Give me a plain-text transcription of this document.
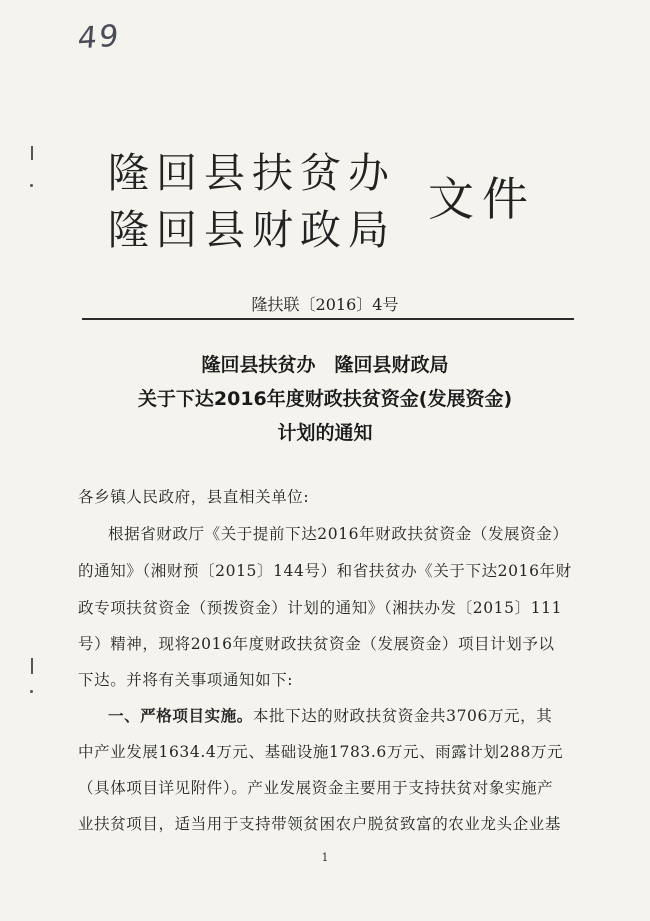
49
隆回县扶贫办
隆回县财政局
文件
隆扶联〔2016〕4号
隆回县扶贫办　隆回县财政局
关于下达2016年度财政扶贫资金(发展资金)
计划的通知
各乡镇人民政府，县直相关单位:
根据省财政厅《关于提前下达2016年财政扶贫资金（发展资金）
的通知》（湘财预〔2015〕144号）和省扶贫办《关于下达2016年财
政专项扶贫资金（预拨资金）计划的通知》（湘扶办发〔2015〕111
号）精神，现将2016年度财政扶贫资金（发展资金）项目计划予以
下达。并将有关事项通知如下:
一、严格项目实施。本批下达的财政扶贫资金共3706万元，其
中产业发展1634.4万元、基础设施1783.6万元、雨露计划288万元
（具体项目详见附件）。产业发展资金主要用于支持扶贫对象实施产
业扶贫项目，适当用于支持带领贫困农户脱贫致富的农业龙头企业基
1
